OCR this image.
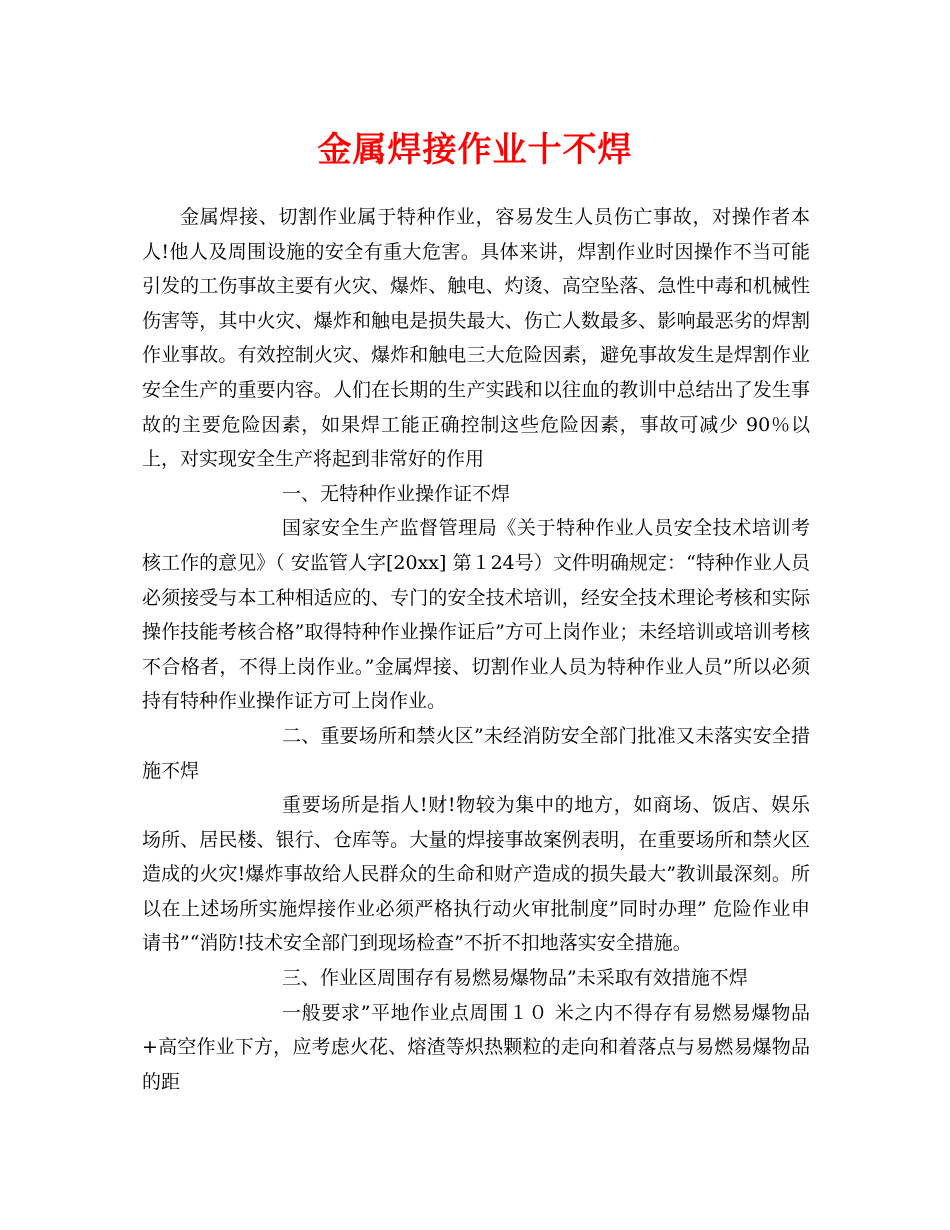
金属焊接作业十不焊

金属焊接、切割作业属于特种作业，容易发生人员伤亡事故，对操作者本人!他人及周围设施的安全有重大危害。具体来讲，焊割作业时因操作不当可能引发的工伤事故主要有火灾、爆炸、触电、灼烫、高空坠落、急性中毒和机械性伤害等，其中火灾、爆炸和触电是损失最大、伤亡人数最多、影响最恶劣的焊割作业事故。有效控制火灾、爆炸和触电三大危险因素，避免事故发生是焊割作业安全生产的重要内容。人们在长期的生产实践和以往血的教训中总结出了发生事故的主要危险因素，如果焊工能正确控制这些危险因素，事故可减少 90％以上，对实现安全生产将起到非常好的作用

一、无特种作业操作证不焊

国家安全生产监督管理局《关于特种作业人员安全技术培训考核工作的意见》（ 安监管人字[20xx] 第１24号）文件明确规定：“特种作业人员必须接受与本工种相适应的、专门的安全技术培训，经安全技术理论考核和实际操作技能考核合格”取得特种作业操作证后”方可上岗作业；未经培训或培训考核不合格者，不得上岗作业。”金属焊接、切割作业人员为特种作业人员”所以必须持有特种作业操作证方可上岗作业。

二、重要场所和禁火区”未经消防安全部门批准又未落实安全措施不焊

重要场所是指人!财!物较为集中的地方，如商场、饭店、娱乐场所、居民楼、银行、仓库等。大量的焊接事故案例表明，在重要场所和禁火区造成的火灾!爆炸事故给人民群众的生命和财产造成的损失最大”教训最深刻。所以在上述场所实施焊接作业必须严格执行动火审批制度”同时办理” 危险作业申请书”“消防!技术安全部门到现场检查”不折不扣地落实安全措施。

三、作业区周围存有易燃易爆物品”未采取有效措施不焊

一般要求”平地作业点周围１０ 米之内不得存有易燃易爆物品+高空作业下方，应考虑火花、熔渣等炽热颗粒的走向和着落点与易燃易爆物品的距
